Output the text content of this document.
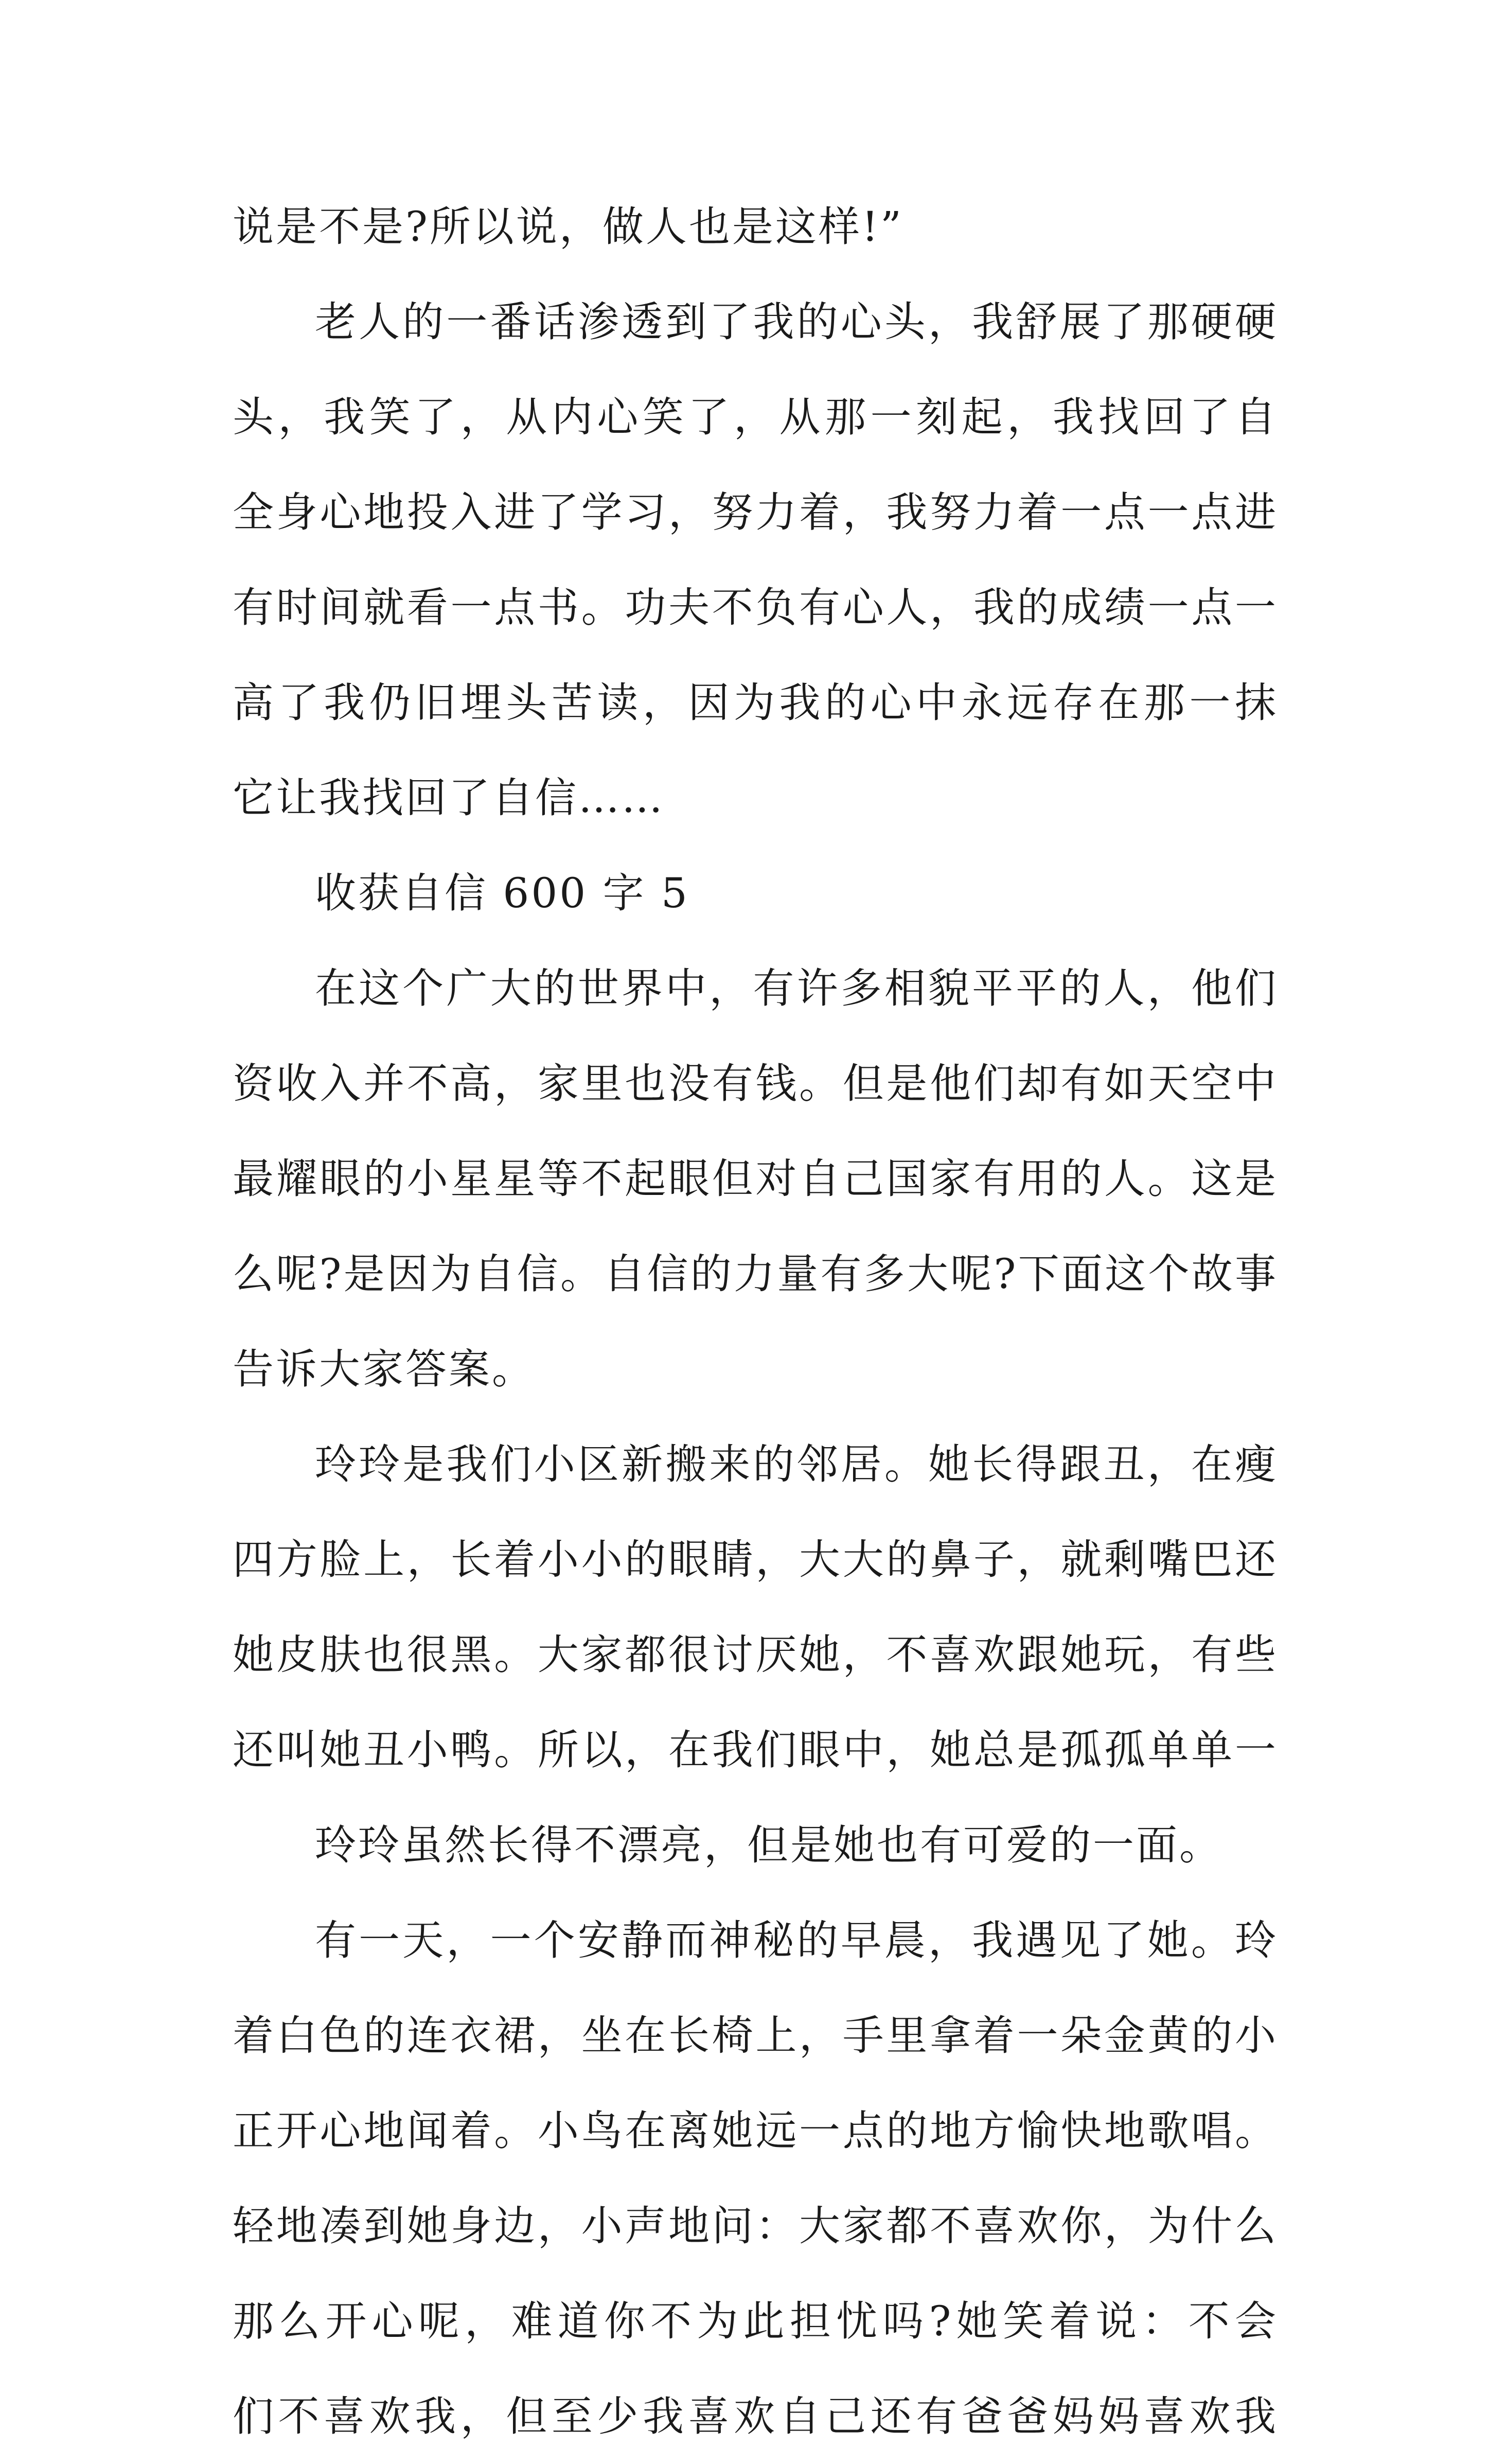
说是不是?所以说，做人也是这样!”
老人的一番话渗透到了我的心头，我舒展了那硬硬
头，我笑了，从内心笑了，从那一刻起，我找回了自
全身心地投入进了学习，努力着，我努力着一点一点进
有时间就看一点书。功夫不负有心人，我的成绩一点一
高了我仍旧埋头苦读，因为我的心中永远存在那一抹
它让我找回了自信……
收获自信 600 字 5
在这个广大的世界中，有许多相貌平平的人，他们
资收入并不高，家里也没有钱。但是他们却有如天空中
最耀眼的小星星等不起眼但对自己国家有用的人。这是
么呢?是因为自信。自信的力量有多大呢?下面这个故事
告诉大家答案。
玲玲是我们小区新搬来的邻居。她长得跟丑，在瘦
四方脸上，长着小小的眼睛，大大的鼻子，就剩嘴巴还
她皮肤也很黑。大家都很讨厌她，不喜欢跟她玩，有些
还叫她丑小鸭。所以，在我们眼中，她总是孤孤单单一
玲玲虽然长得不漂亮，但是她也有可爱的一面。
有一天，一个安静而神秘的早晨，我遇见了她。玲
着白色的连衣裙，坐在长椅上，手里拿着一朵金黄的小
正开心地闻着。小鸟在离她远一点的地方愉快地歌唱。
轻地凑到她身边，小声地问：大家都不喜欢你，为什么
那么开心呢，难道你不为此担忧吗?她笑着说：不会
们不喜欢我，但至少我喜欢自己还有爸爸妈妈喜欢我
